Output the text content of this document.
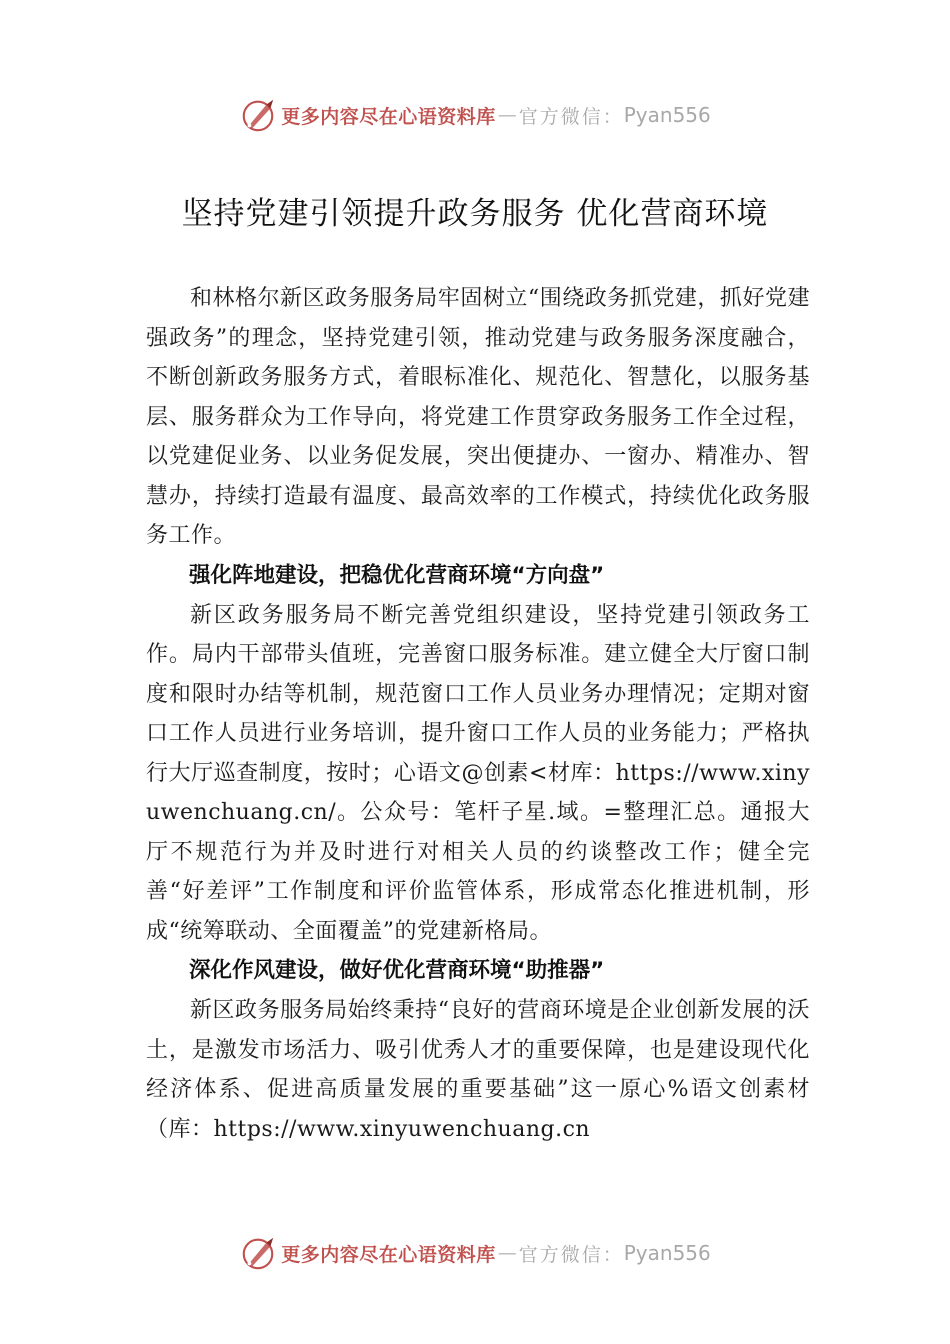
更多内容尽在心语资料库 — 官方微信： Pyan556
坚持党建引领提升政务服务 优化营商环境

和林格尔新区政务服务局牢固树立“围绕政务抓党建，抓好党建强政务”的理念，坚持党建引领，推动党建与政务服务深度融合，不断创新政务服务方式，着眼标准化、规范化、智慧化，以服务基层、服务群众为工作导向，将党建工作贯穿政务服务工作全过程，以党建促业务、以业务促发展，突出便捷办、一窗办、精准办、智慧办，持续打造最有温度、最高效率的工作模式，持续优化政务服务工作。

强化阵地建设，把稳优化营商环境“方向盘”

新区政务服务局不断完善党组织建设，坚持党建引领政务工作。局内干部带头值班，完善窗口服务标准。建立健全大厅窗口制度和限时办结等机制，规范窗口工作人员业务办理情况；定期对窗口工作人员进行业务培训，提升窗口工作人员的业务能力；严格执行大厅巡查制度，按时；心语文@创素<材库：https://www.xinyuwenchuang.cn/。公众号：笔杆子星.域。=整理汇总。通报大厅不规范行为并及时进行对相关人员的约谈整改工作；健全完善“好差评”工作制度和评价监管体系，形成常态化推进机制，形成“统筹联动、全面覆盖”的党建新格局。

深化作风建设，做好优化营商环境“助推器”

新区政务服务局始终秉持“良好的营商环境是企业创新发展的沃土，是激发市场活力、吸引优秀人才的重要保障，也是建设现代化经济体系、促进高质量发展的重要基础”这一原心%语文创素材（库：https://www.xinyuwenchuang.cn

更多内容尽在心语资料库 — 官方微信： Pyan556
